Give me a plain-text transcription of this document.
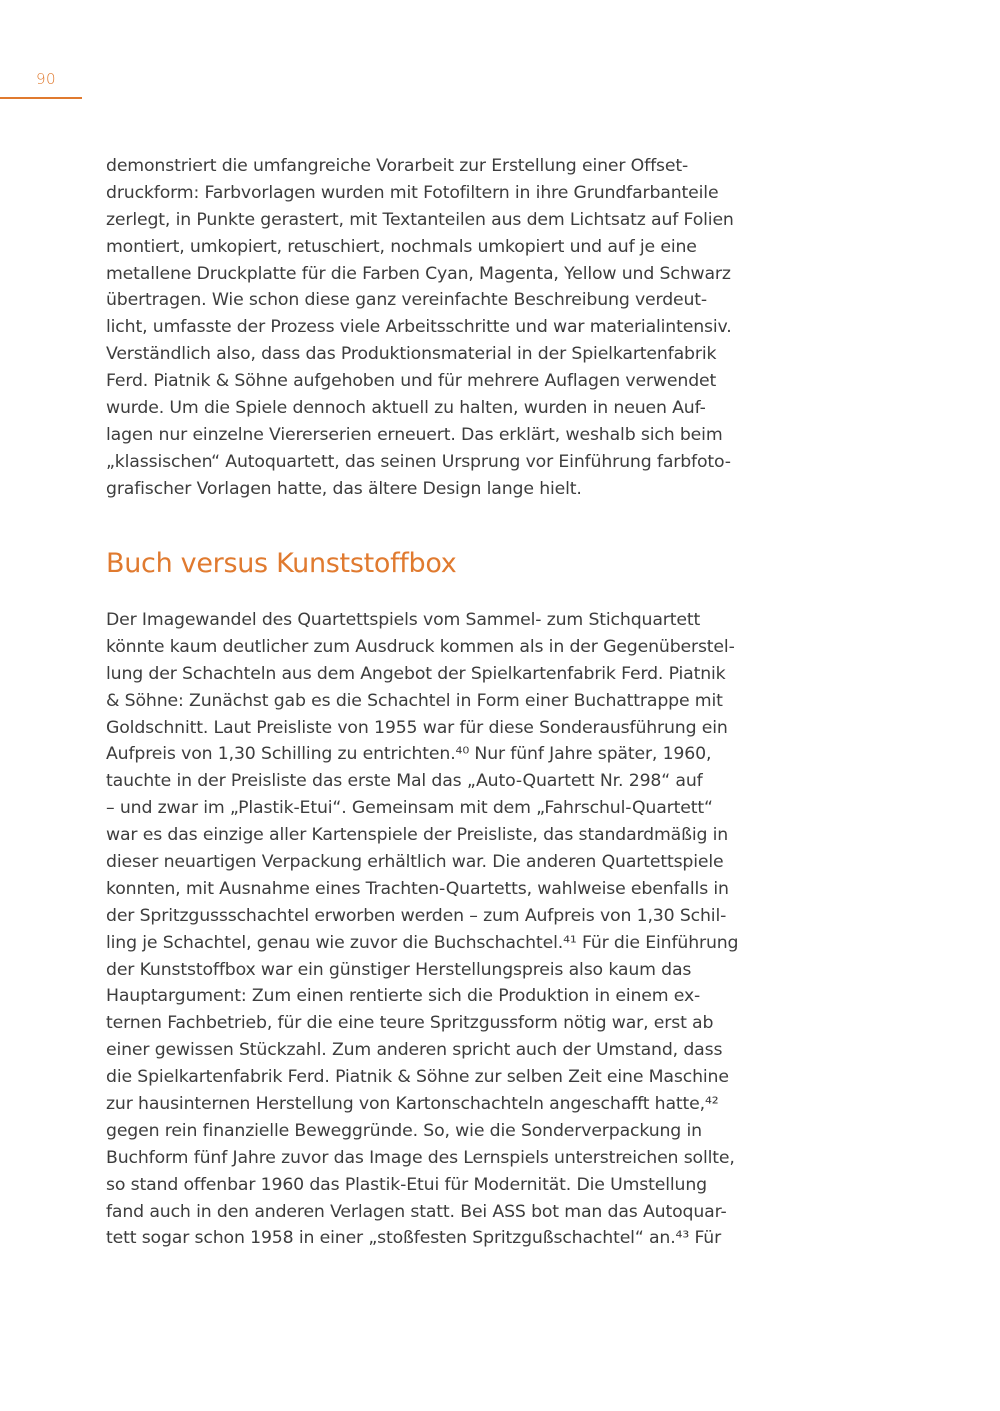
90
demonstriert die umfangreiche Vorarbeit zur Erstellung einer Offset-
druckform: Farbvorlagen wurden mit Fotofiltern in ihre Grundfarbanteile
zerlegt, in Punkte gerastert, mit Textanteilen aus dem Lichtsatz auf Folien
montiert, umkopiert, retuschiert, nochmals umkopiert und auf je eine
metallene Druckplatte für die Farben Cyan, Magenta, Yellow und Schwarz
übertragen. Wie schon diese ganz vereinfachte Beschreibung verdeut-
licht, umfasste der Prozess viele Arbeitsschritte und war materialintensiv.
Verständlich also, dass das Produktionsmaterial in der Spielkartenfabrik
Ferd. Piatnik & Söhne aufgehoben und für mehrere Auflagen verwendet
wurde. Um die Spiele dennoch aktuell zu halten, wurden in neuen Auf-
lagen nur einzelne Viererserien erneuert. Das erklärt, weshalb sich beim
„klassischen“ Autoquartett, das seinen Ursprung vor Einführung farbfoto-
grafischer Vorlagen hatte, das ältere Design lange hielt.
Buch versus Kunststoffbox
Der Imagewandel des Quartettspiels vom Sammel- zum Stichquartett
könnte kaum deutlicher zum Ausdruck kommen als in der Gegenüberstel-
lung der Schachteln aus dem Angebot der Spielkartenfabrik Ferd. Piatnik
& Söhne: Zunächst gab es die Schachtel in Form einer Buchattrappe mit
Goldschnitt. Laut Preisliste von 1955 war für diese Sonderausführung ein
Aufpreis von 1,30 Schilling zu entrichten.⁴⁰ Nur fünf Jahre später, 1960,
tauchte in der Preisliste das erste Mal das „Auto-Quartett Nr. 298“ auf
– und zwar im „Plastik-Etui“. Gemeinsam mit dem „Fahrschul-Quartett“
war es das einzige aller Kartenspiele der Preisliste, das standardmäßig in
dieser neuartigen Verpackung erhältlich war. Die anderen Quartettspiele
konnten, mit Ausnahme eines Trachten-Quartetts, wahlweise ebenfalls in
der Spritzgussschachtel erworben werden – zum Aufpreis von 1,30 Schil-
ling je Schachtel, genau wie zuvor die Buchschachtel.⁴¹ Für die Einführung
der Kunststoffbox war ein günstiger Herstellungspreis also kaum das
Hauptargument: Zum einen rentierte sich die Produktion in einem ex-
ternen Fachbetrieb, für die eine teure Spritzgussform nötig war, erst ab
einer gewissen Stückzahl. Zum anderen spricht auch der Umstand, dass
die Spielkartenfabrik Ferd. Piatnik & Söhne zur selben Zeit eine Maschine
zur hausinternen Herstellung von Kartonschachteln angeschafft hatte,⁴²
gegen rein finanzielle Beweggründe. So, wie die Sonderverpackung in
Buchform fünf Jahre zuvor das Image des Lernspiels unterstreichen sollte,
so stand offenbar 1960 das Plastik-Etui für Modernität. Die Umstellung
fand auch in den anderen Verlagen statt. Bei ASS bot man das Autoquar-
tett sogar schon 1958 in einer „stoßfesten Spritzgußschachtel“ an.⁴³ Für
